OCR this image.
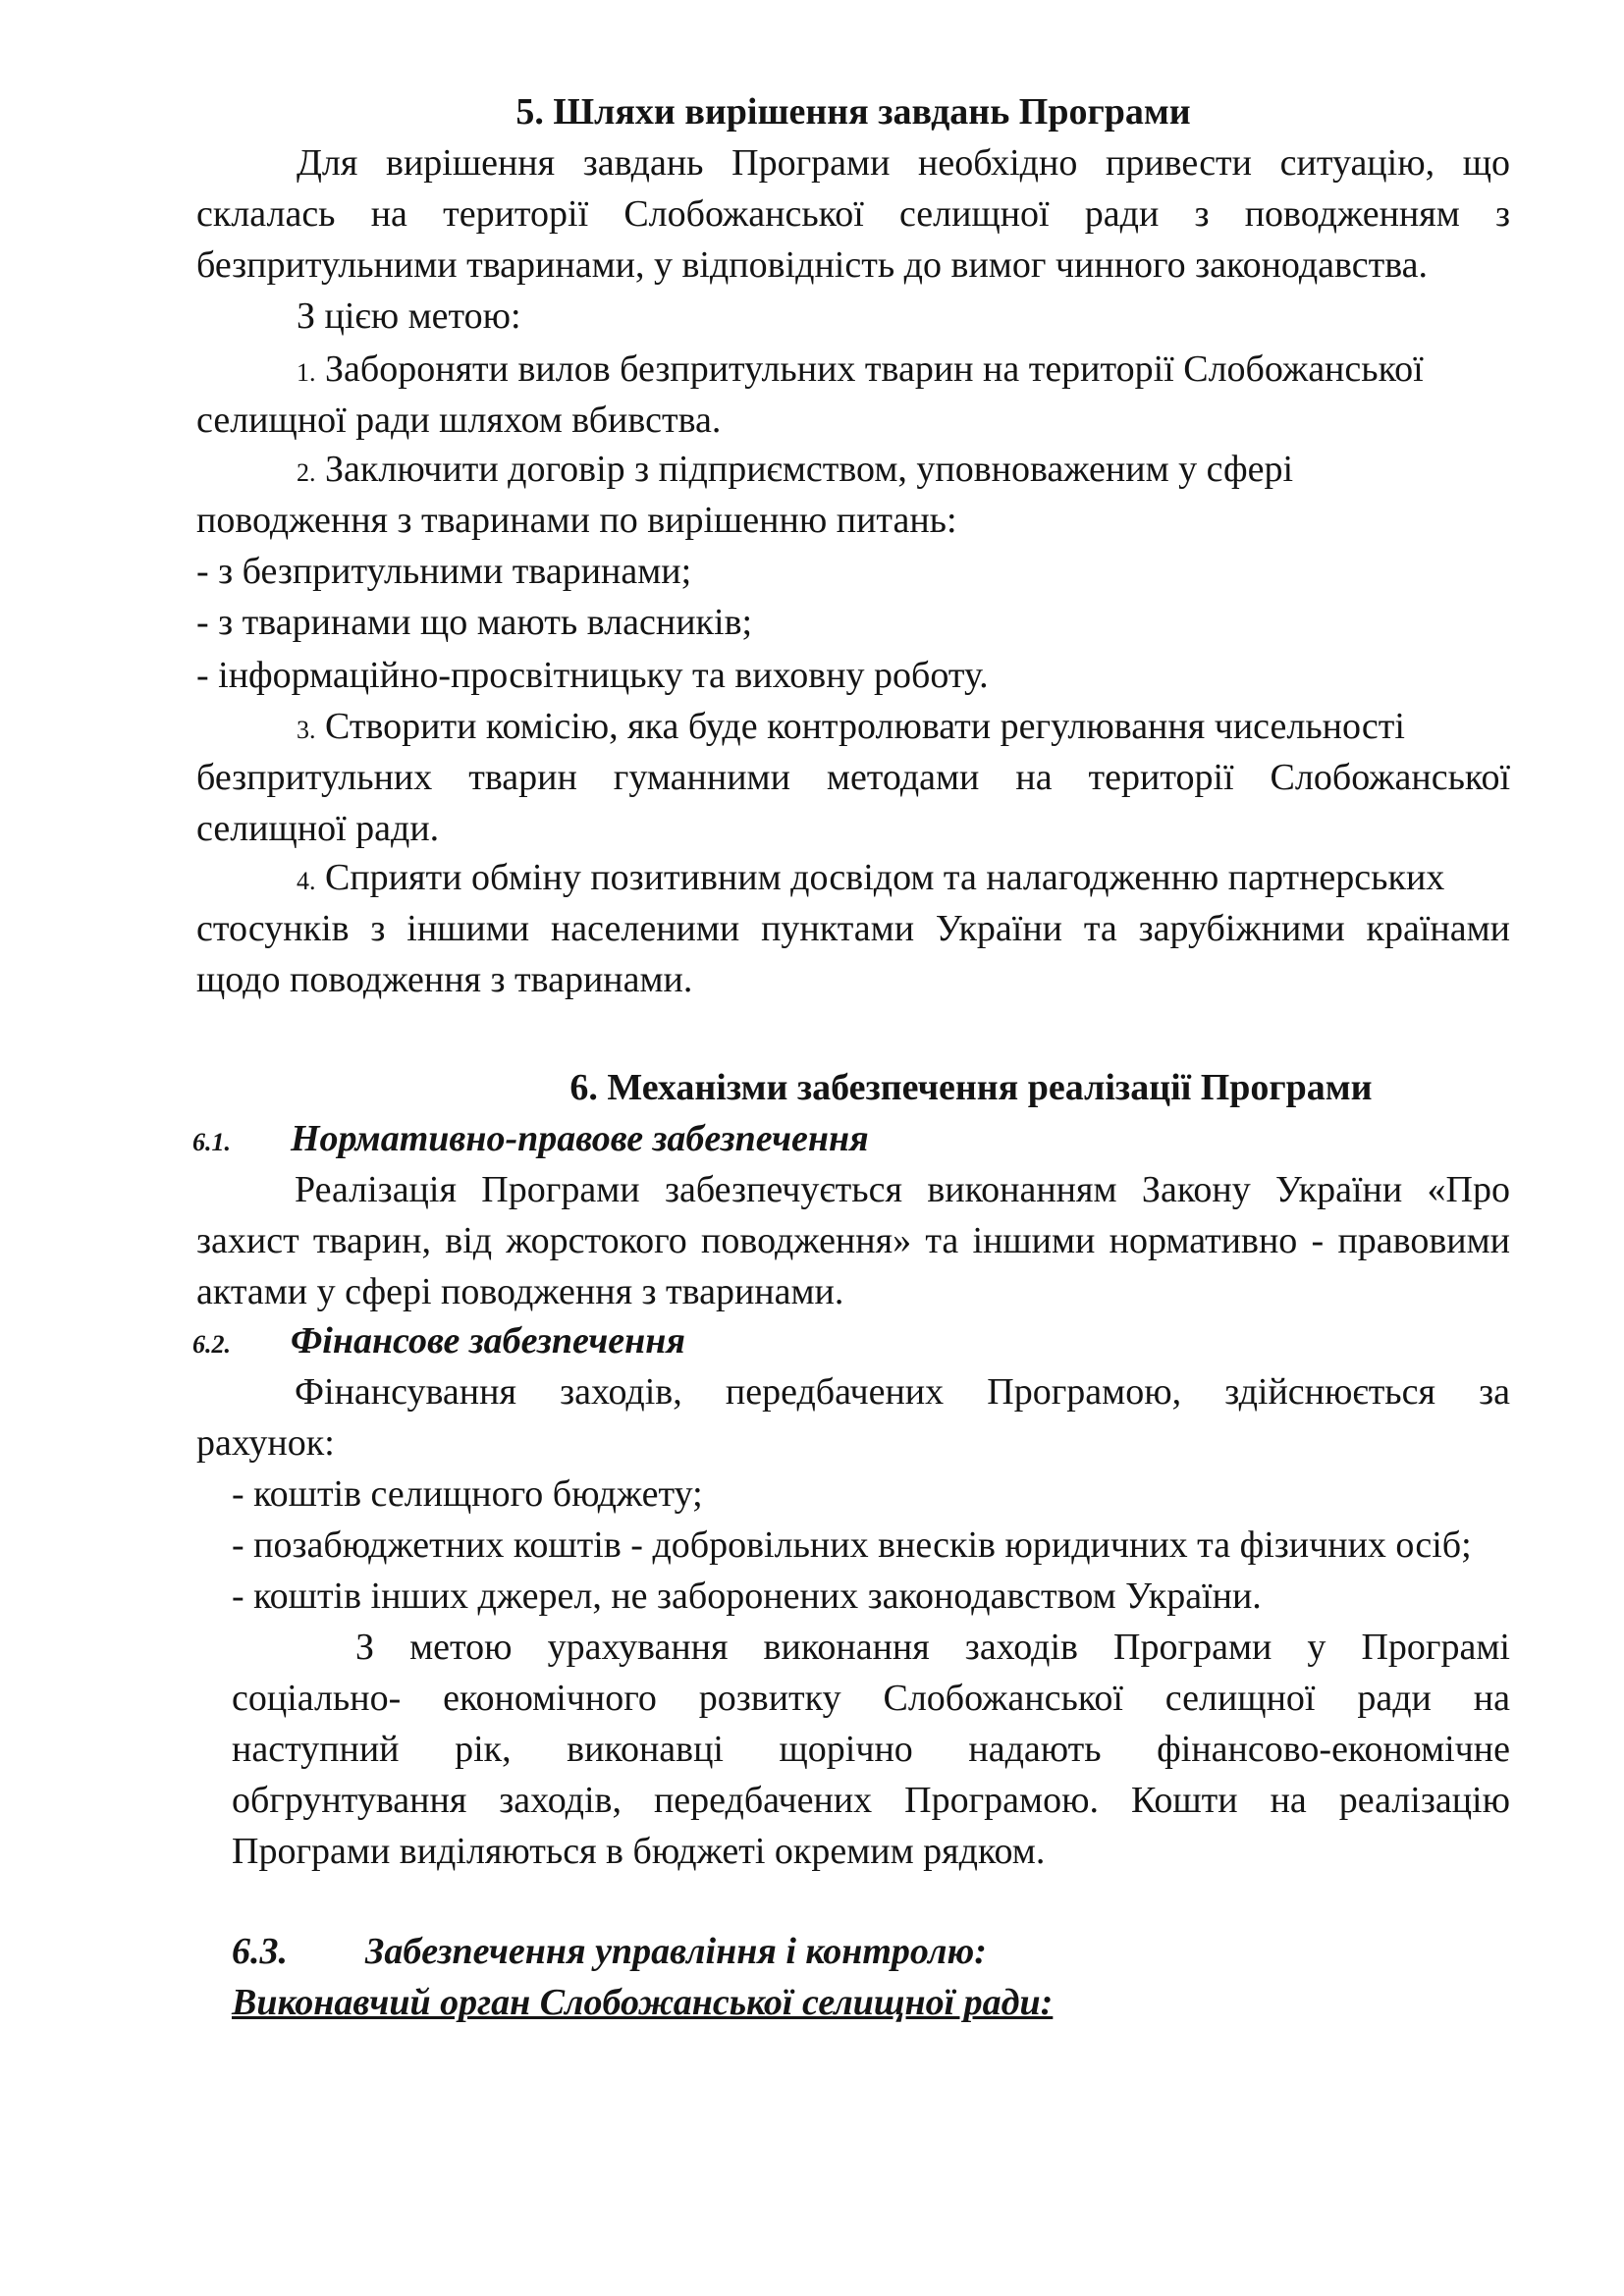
5. Шляхи вирішення завдань Програми
Для вирішення завдань Програми необхідно привести ситуацію, що
склалась на території Слобожанської селищної ради з поводженням з
безпритульними тваринами, у відповідність до вимог чинного законодавства.
З цією метою:
1. Забороняти вилов безпритульних тварин на території Слобожанської
селищної ради шляхом вбивства.
2. Заключити договір з підприємством, уповноваженим у сфері
поводження з тваринами по вирішенню питань:
- з безпритульними тваринами;
- з тваринами що мають власників;
- інформаційно-просвітницьку та виховну роботу.
3. Створити комісію, яка буде контролювати регулювання чисельності
безпритульних тварин гуманними методами на території Слобожанської
селищної ради.
4. Сприяти обміну позитивним досвідом та налагодженню партнерських
стосунків з іншими населеними пунктами України та зарубіжними країнами
щодо поводження з тваринами.
6. Механізми забезпечення реалізації Програми
6.1. Нормативно-правове забезпечення
Реалізація Програми забезпечується виконанням Закону України «Про
захист тварин, від жорстокого поводження» та іншими нормативно - правовими
актами у сфері поводження з тваринами.
6.2. Фінансове забезпечення
Фінансування заходів, передбачених Програмою, здійснюється за
рахунок:
- коштів селищного бюджету;
- позабюджетних коштів - добровільних внесків юридичних та фізичних осіб;
- коштів інших джерел, не заборонених законодавством України.
З метою урахування виконання заходів Програми у Програмі
соціально- економічного розвитку Слобожанської селищної ради на
наступний рік, виконавці щорічно надають фінансово-економічне
обгрунтування заходів, передбачених Програмою. Кошти на реалізацію
Програми виділяються в бюджеті окремим рядком.
6.3. Забезпечення управління і контролю:
Виконавчий орган Слобожанської селищної ради:
